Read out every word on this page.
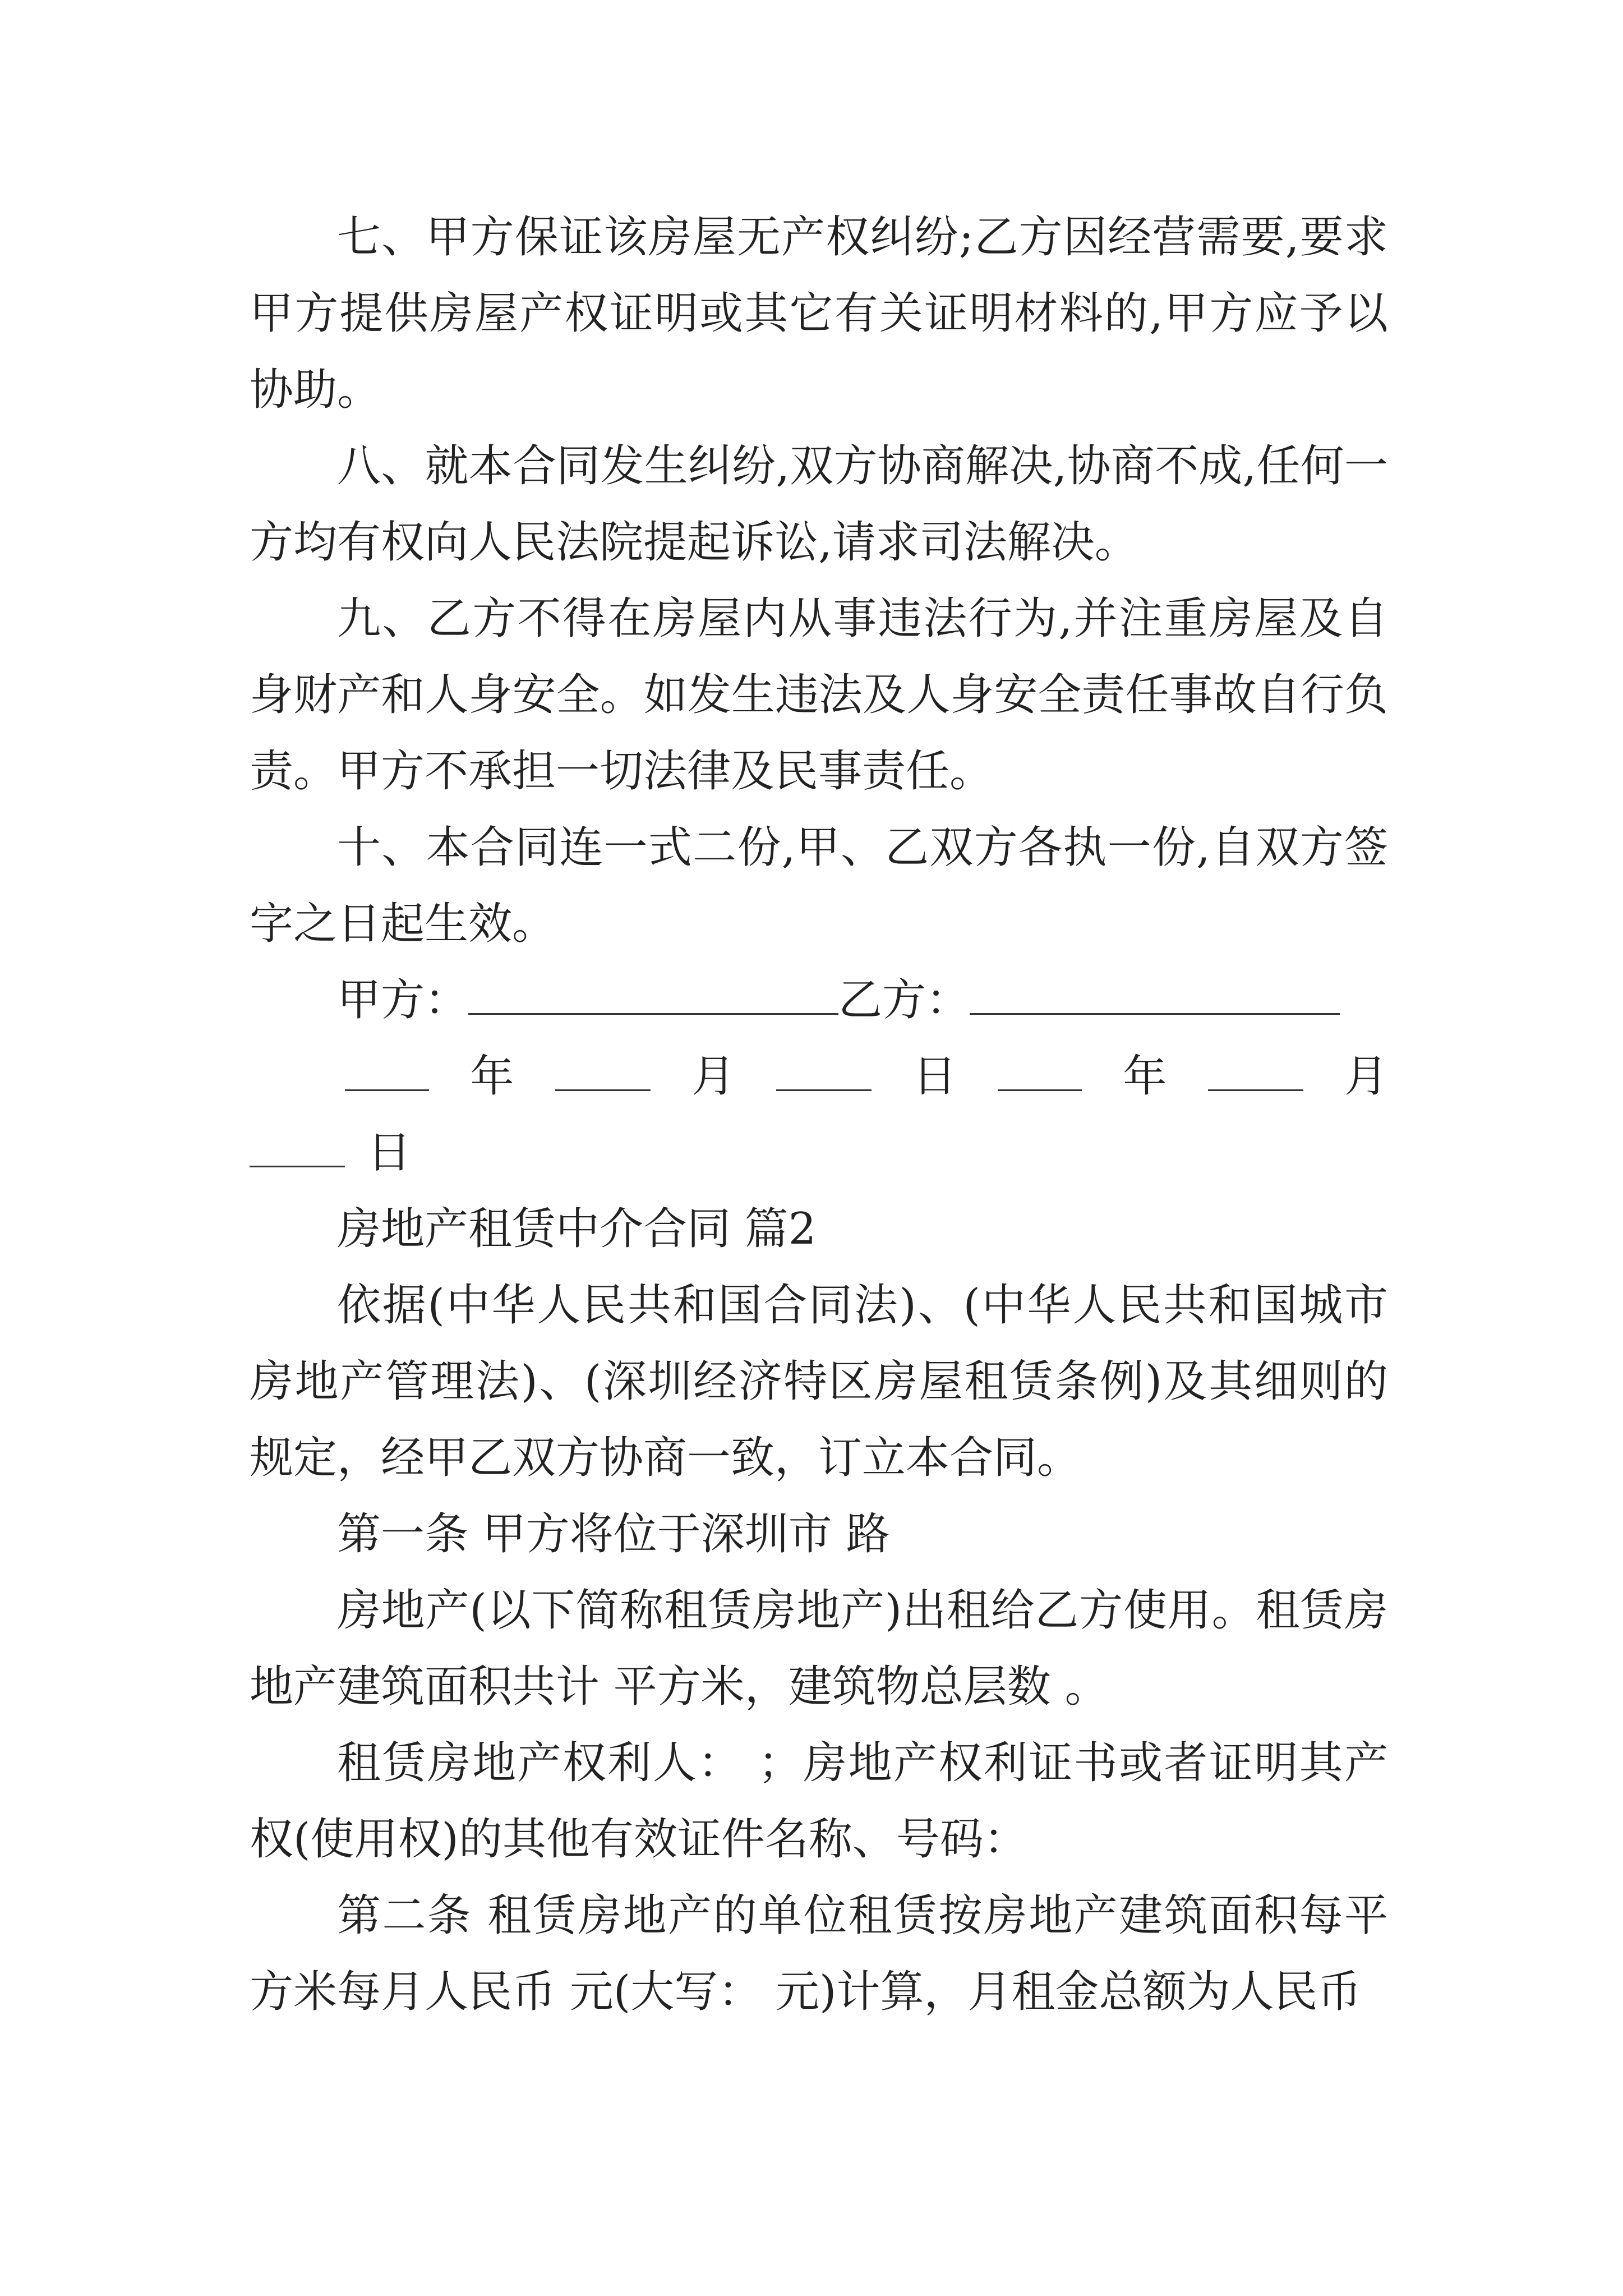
七、甲方保证该房屋无产权纠纷;乙方因经营需要,要求甲方提供房屋产权证明或其它有关证明材料的,甲方应予以协助。

八、就本合同发生纠纷,双方协商解决,协商不成,任何一方均有权向人民法院提起诉讼,请求司法解决。

九、乙方不得在房屋内从事违法行为,并注重房屋及自身财产和人身安全。如发生违法及人身安全责任事故自行负责。甲方不承担一切法律及民事责任。

十、本合同连一式二份,甲、乙双方各执一份,自双方签字之日起生效。

甲方：	乙方：

年	月	日	年	月

日

房地产租赁中介合同 篇2

依据(中华人民共和国合同法)、(中华人民共和国城市房地产管理法)、(深圳经济特区房屋租赁条例)及其细则的规定，经甲乙双方协商一致，订立本合同。

第一条 甲方将位于深圳市 路

房地产(以下简称租赁房地产)出租给乙方使用。租赁房地产建筑面积共计 平方米，建筑物总层数 。

租赁房地产权利人： ；房地产权利证书或者证明其产权(使用权)的其他有效证件名称、号码：

第二条 租赁房地产的单位租赁按房地产建筑面积每平方米每月人民币 元(大写： 元)计算，月租金总额为人民币
